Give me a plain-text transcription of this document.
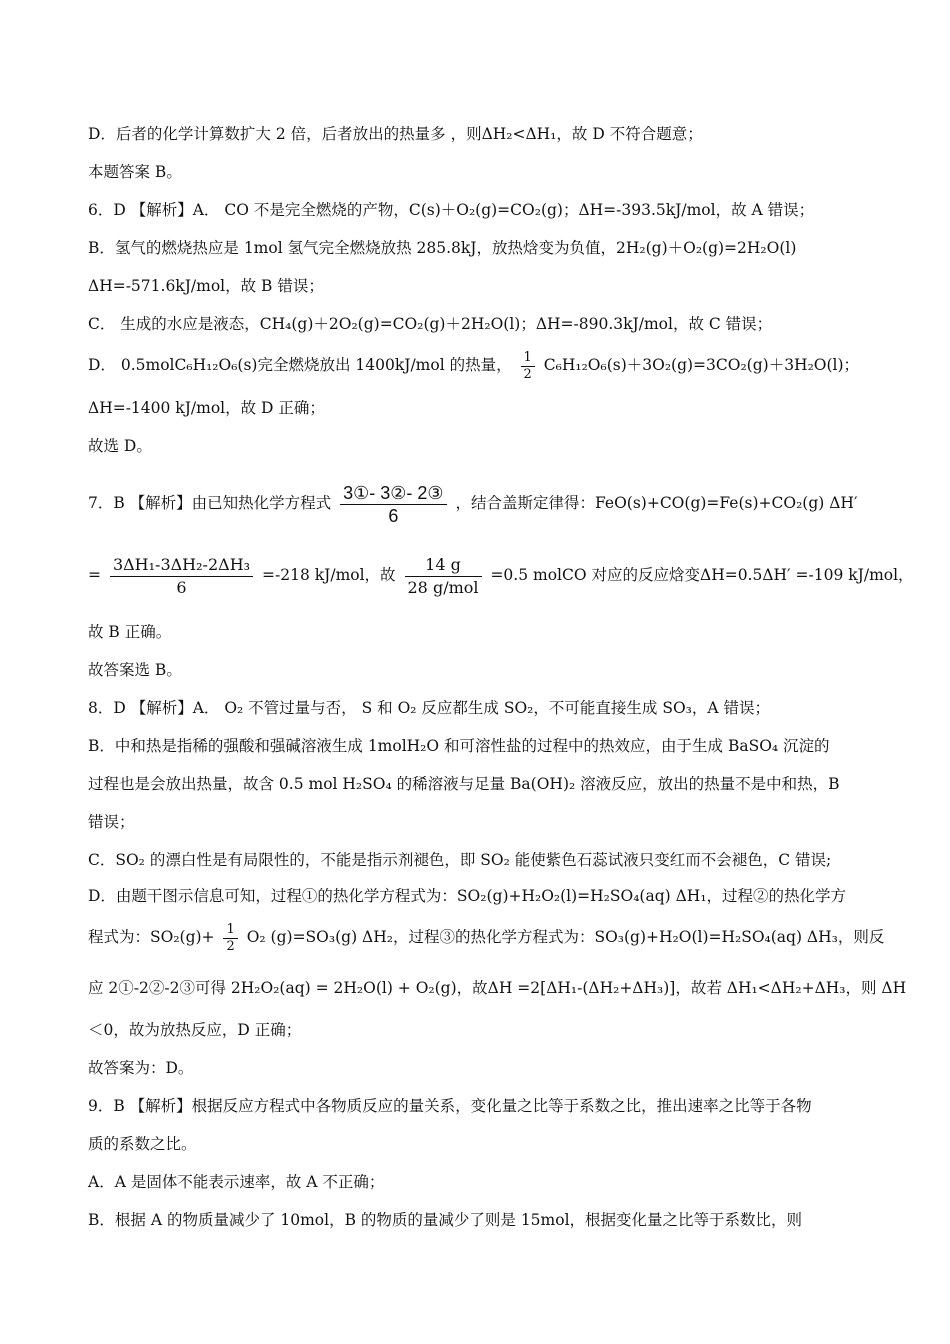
D．后者的化学计算数扩大 2 倍，后者放出的热量多 ，则ΔH₂<ΔH₁，故 D 不符合题意；
本题答案 B。
6．D 【解析】A． CO 不是完全燃烧的产物，C(s)＋O₂(g)=CO₂(g)；ΔH=-393.5kJ/mol，故 A 错误；
B．氢气的燃烧热应是 1mol 氢气完全燃烧放热 285.8kJ，放热焓变为负值，2H₂(g)＋O₂(g)=2H₂O(l)
ΔH=-571.6kJ/mol，故 B 错误；
C． 生成的水应是液态，CH₄(g)＋2O₂(g)=CO₂(g)＋2H₂O(l)；ΔH=-890.3kJ/mol，故 C 错误；
D． 0.5molC₆H₁₂O₆(s)完全燃烧放出 1400kJ/mol 的热量， $\frac{1}{2} C_6H_{12}O_6(s)+3O_2(g)=3CO_2(g)+3H_2O(l)$；
ΔH=-1400 kJ/mol，故 D 正确；
故选 D。
7．B 【解析】由已知热化学方程式 $\frac{\text{3①- 3②- 2③}}{6}$ ，结合盖斯定律得：FeO(s)+CO(g)=Fe(s)+CO₂(g) ΔH′
= $\frac{\text{3ΔH₁-3ΔH₂-2ΔH₃}}{6} =-218$ kJ/mol，故 $\frac{14 g}{\text{28 g/mol}} =0.5$ molCO 对应的反应焓变ΔH=0.5ΔH′ =-109 kJ/mol，
故 B 正确。
故答案选 B。
8．D 【解析】A． O₂ 不管过量与否， S 和 O₂ 反应都生成 SO₂，不可能直接生成 SO₃，A 错误；
B．中和热是指稀的强酸和强碱溶液生成 1molH₂O 和可溶性盐的过程中的热效应，由于生成 BaSO₄ 沉淀的
过程也是会放出热量，故含 0.5 mol H₂SO₄ 的稀溶液与足量 Ba(OH)₂ 溶液反应，放出的热量不是中和热，B
错误；
C．SO₂ 的漂白性是有局限性的，不能是指示剂褪色，即 SO₂ 能使紫色石蕊试液只变红而不会褪色，C 错误;
D．由题干图示信息可知，过程①的热化学方程式为：SO₂(g)+H₂O₂(l)=H₂SO₄(aq) ΔH₁，过程②的热化学方
程式为：$SO_2(g)+ \frac{1}{2} O_2$ (g)=SO₃(g) ΔH₂，过程③的热化学方程式为：SO₃(g)+H₂O(l)=H₂SO₄(aq) ΔH₃，则反
应 2①-2②-2③可得 2H₂O₂(aq) = 2H₂O(l) + O₂(g)，故ΔH =2[ΔH₁-(ΔH₂+ΔH₃)]，故若 ΔH₁<ΔH₂+ΔH₃，则 ΔH
＜0，故为放热反应，D 正确；
故答案为：D。
9．B 【解析】根据反应方程式中各物质反应的量关系，变化量之比等于系数之比，推出速率之比等于各物
质的系数之比。
A．A 是固体不能表示速率，故 A 不正确；
B．根据 A 的物质量减少了 10mol，B 的物质的量减少了则是 15mol，根据变化量之比等于系数比，则
